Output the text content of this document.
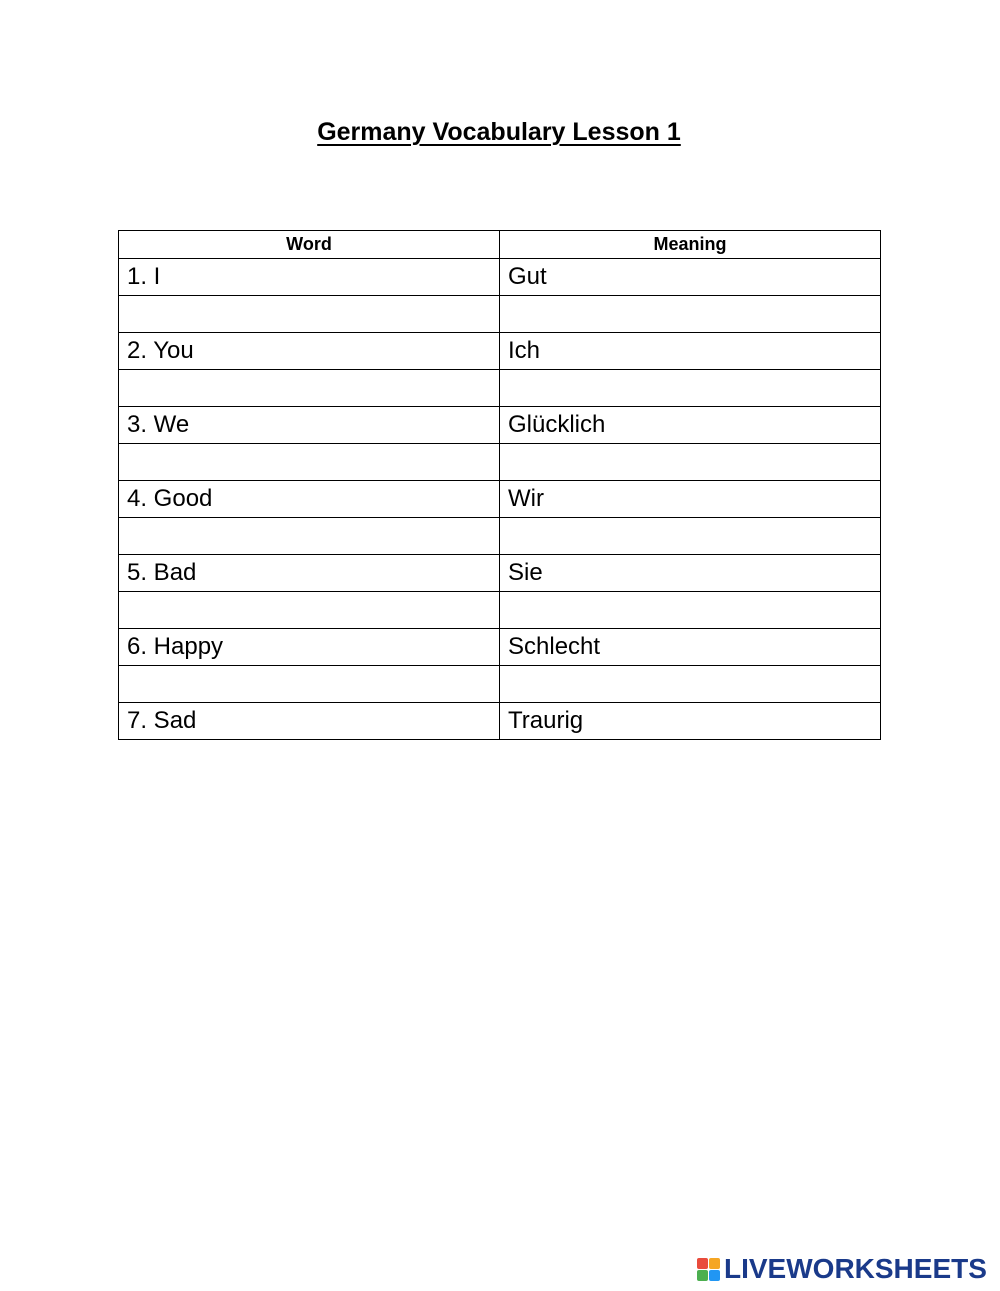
Germany Vocabulary Lesson 1
Word	Meaning
1. I	Gut

2. You	Ich

3. We	Glücklich

4. Good	Wir

5. Bad	Sie

6. Happy	Schlecht

7. Sad	Traurig
LIVEWORKSHEETS
